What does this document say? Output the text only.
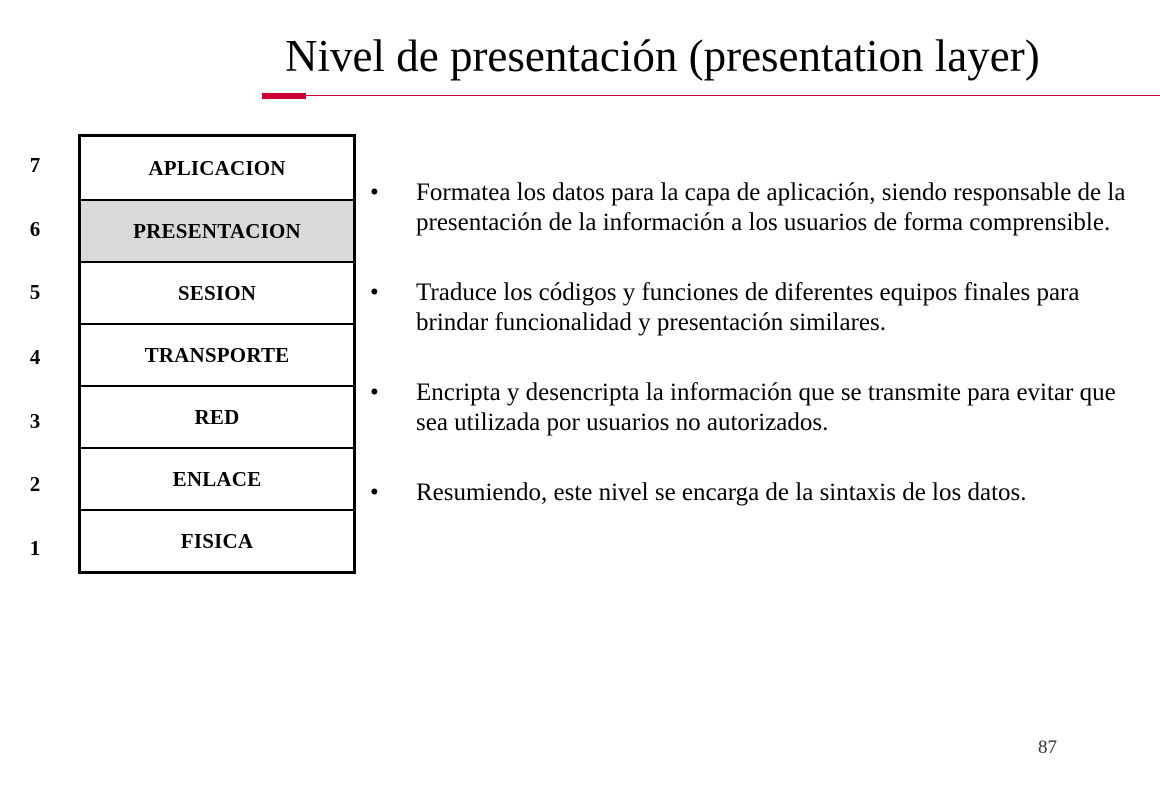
Nivel de presentación (presentation layer)
7
6
5
4
3
2
1
APLICACION
PRESENTACION
SESION
TRANSPORTE
RED
ENLACE
FISICA
• Formatea los datos para la capa de aplicación, siendo responsable de la presentación de la información a los usuarios de forma comprensible.
• Traduce los códigos y funciones de diferentes equipos finales para brindar funcionalidad y presentación similares.
• Encripta y desencripta la información que se transmite para evitar que sea utilizada por usuarios no autorizados.
• Resumiendo, este nivel se encarga de la sintaxis de los datos.
87
